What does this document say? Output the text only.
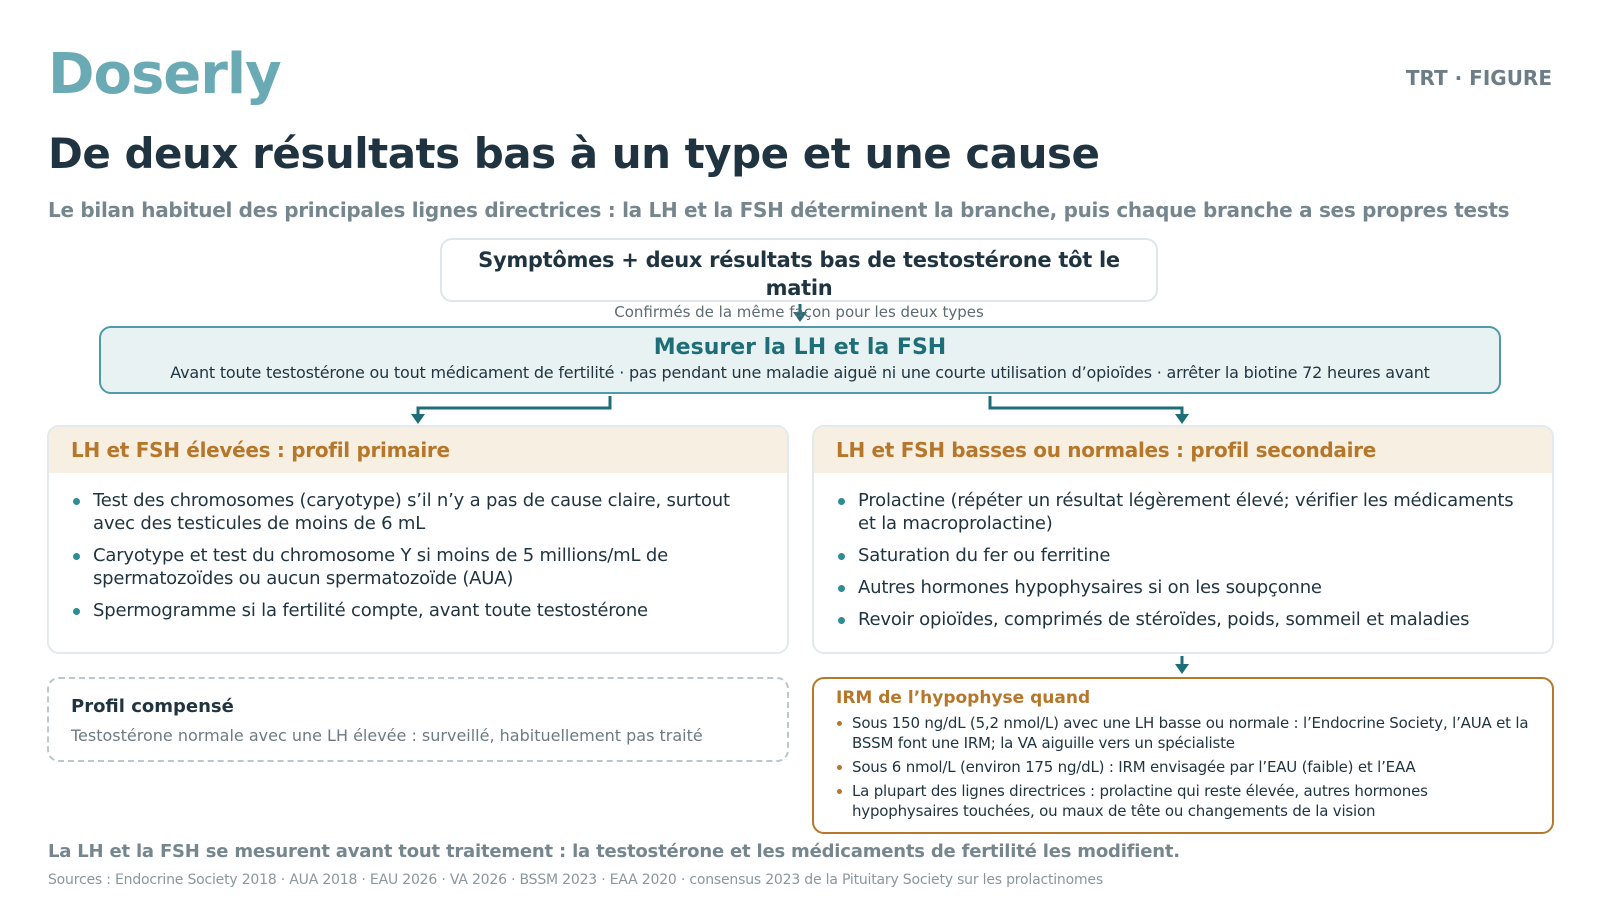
Doserly	TRT · FIGURE
De deux résultats bas à un type et une cause
Le bilan habituel des principales lignes directrices : la LH et la FSH déterminent la branche, puis chaque branche a ses propres tests
Symptômes + deux résultats bas de testostérone tôt le matin
Confirmés de la même façon pour les deux types
Mesurer la LH et la FSH
Avant toute testostérone ou tout médicament de fertilité · pas pendant une maladie aiguë ni une courte utilisation d’opioïdes · arrêter la biotine 72 heures avant
LH et FSH élevées : profil primaire
Test des chromosomes (caryotype) s’il n’y a pas de cause claire, surtout avec des testicules de moins de 6 mL
Caryotype et test du chromosome Y si moins de 5 millions/mL de spermatozoïdes ou aucun spermatozoïde (AUA)
Spermogramme si la fertilité compte, avant toute testostérone
LH et FSH basses ou normales : profil secondaire
Prolactine (répéter un résultat légèrement élevé; vérifier les médicaments et la macroprolactine)
Saturation du fer ou ferritine
Autres hormones hypophysaires si on les soupçonne
Revoir opioïdes, comprimés de stéroïdes, poids, sommeil et maladies
Profil compensé
Testostérone normale avec une LH élevée : surveillé, habituellement pas traité
IRM de l’hypophyse quand
Sous 150 ng/dL (5,2 nmol/L) avec une LH basse ou normale : l’Endocrine Society, l’AUA et la BSSM font une IRM; la VA aiguille vers un spécialiste
Sous 6 nmol/L (environ 175 ng/dL) : IRM envisagée par l’EAU (faible) et l’EAA
La plupart des lignes directrices : prolactine qui reste élevée, autres hormones hypophysaires touchées, ou maux de tête ou changements de la vision
La LH et la FSH se mesurent avant tout traitement : la testostérone et les médicaments de fertilité les modifient.
Sources : Endocrine Society 2018 · AUA 2018 · EAU 2026 · VA 2026 · BSSM 2023 · EAA 2020 · consensus 2023 de la Pituitary Society sur les prolactinomes
